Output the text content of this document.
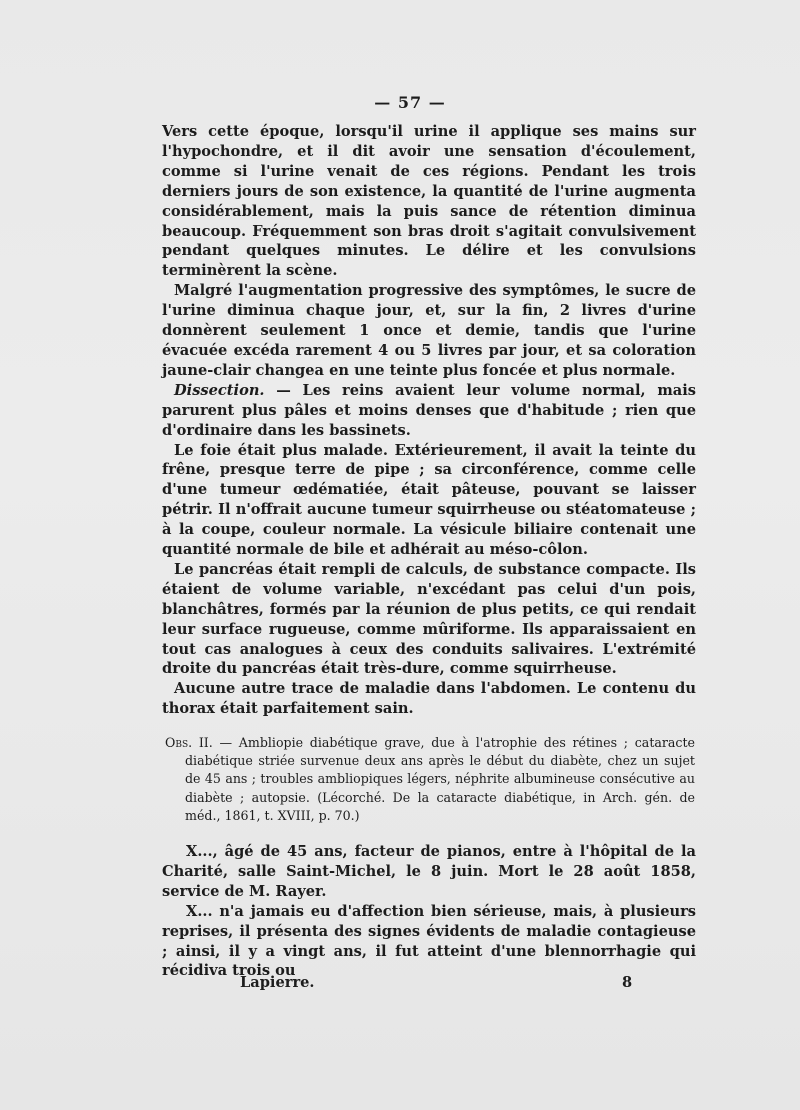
— 57 —

Vers cette époque, lorsqu'il urine il applique ses mains sur l'hypochondre, et il dit avoir une sensation d'écoulement, comme si l'urine venait de ces régions. Pendant les trois derniers jours de son existence, la quantité de l'urine augmenta considérablement, mais la puis sance de rétention diminua beaucoup. Fréquemment son bras droit s'agitait convulsivement pendant quelques minutes. Le délire et les convulsions terminèrent la scène.

Malgré l'augmentation progressive des symptômes, le sucre de l'urine diminua chaque jour, et, sur la fin, 2 livres d'urine donnèrent seulement 1 once et demie, tandis que l'urine évacuée excéda rarement 4 ou 5 livres par jour, et sa coloration jaune-clair changea en une teinte plus foncée et plus normale.

Dissection. — Les reins avaient leur volume normal, mais parurent plus pâles et moins denses que d'habitude ; rien que d'ordinaire dans les bassinets.

Le foie était plus malade. Extérieurement, il avait la teinte du frêne, presque terre de pipe ; sa circonférence, comme celle d'une tumeur œdématiée, était pâteuse, pouvant se laisser pétrir. Il n'offrait aucune tumeur squirrheuse ou stéatomateuse ; à la coupe, couleur normale. La vésicule biliaire contenait une quantité normale de bile et adhérait au méso-côlon.

Le pancréas était rempli de calculs, de substance compacte. Ils étaient de volume variable, n'excédant pas celui d'un pois, blanchâtres, formés par la réunion de plus petits, ce qui rendait leur surface rugueuse, comme mûriforme. Ils apparaissaient en tout cas analogues à ceux des conduits salivaires. L'extrémité droite du pancréas était très-dure, comme squirrheuse.

Aucune autre trace de maladie dans l'abdomen. Le contenu du thorax était parfaitement sain.

Obs. II. — Ambliopie diabétique grave, due à l'atrophie des rétines ; cataracte diabétique striée survenue deux ans après le début du diabète, chez un sujet de 45 ans ; troubles ambliopiques légers, néphrite albumineuse consécutive au diabète ; autopsie. (Lécorché. De la cataracte diabétique, in Arch. gén. de méd., 1861, t. XVIII, p. 70.)

X..., âgé de 45 ans, facteur de pianos, entre à l'hôpital de la Charité, salle Saint-Michel, le 8 juin. Mort le 28 août 1858, service de M. Rayer.

X... n'a jamais eu d'affection bien sérieuse, mais, à plusieurs reprises, il présenta des signes évidents de maladie contagieuse ; ainsi, il y a vingt ans, il fut atteint d'une blennorrhagie qui récidiva trois ou

Lapierre.	8
